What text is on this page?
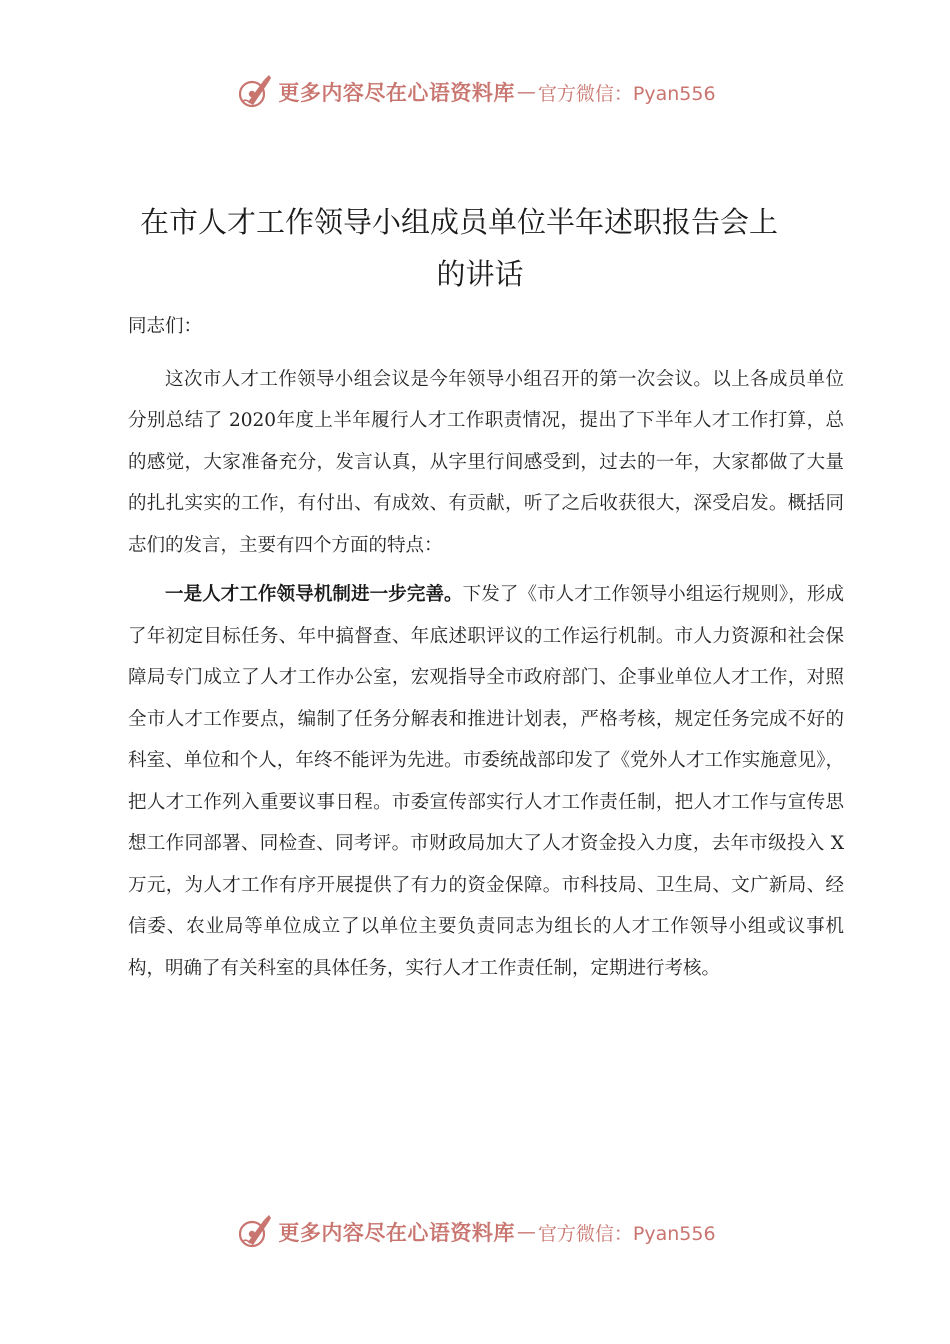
更多内容尽在心语资料库 — 官方微信：Pyan556
在市人才工作领导小组成员单位半年述职报告会上
的讲话

同志们：

这次市人才工作领导小组会议是今年领导小组召开的第一次会议。以上各成员单位分别总结了 2020年度上半年履行人才工作职责情况，提出了下半年人才工作打算，总的感觉，大家准备充分，发言认真，从字里行间感受到，过去的一年，大家都做了大量的扎扎实实的工作，有付出、有成效、有贡献，听了之后收获很大，深受启发。概括同志们的发言，主要有四个方面的特点：

一是人才工作领导机制进一步完善。下发了《市人才工作领导小组运行规则》，形成了年初定目标任务、年中搞督查、年底述职评议的工作运行机制。市人力资源和社会保障局专门成立了人才工作办公室，宏观指导全市政府部门、企事业单位人才工作，对照全市人才工作要点，编制了任务分解表和推进计划表，严格考核，规定任务完成不好的科室、单位和个人，年终不能评为先进。市委统战部印发了《党外人才工作实施意见》，把人才工作列入重要议事日程。市委宣传部实行人才工作责任制，把人才工作与宣传思想工作同部署、同检查、同考评。市财政局加大了人才资金投入力度，去年市级投入 X 万元，为人才工作有序开展提供了有力的资金保障。市科技局、卫生局、文广新局、经信委、农业局等单位成立了以单位主要负责同志为组长的人才工作领导小组或议事机构，明确了有关科室的具体任务，实行人才工作责任制，定期进行考核。

更多内容尽在心语资料库 — 官方微信：Pyan556
